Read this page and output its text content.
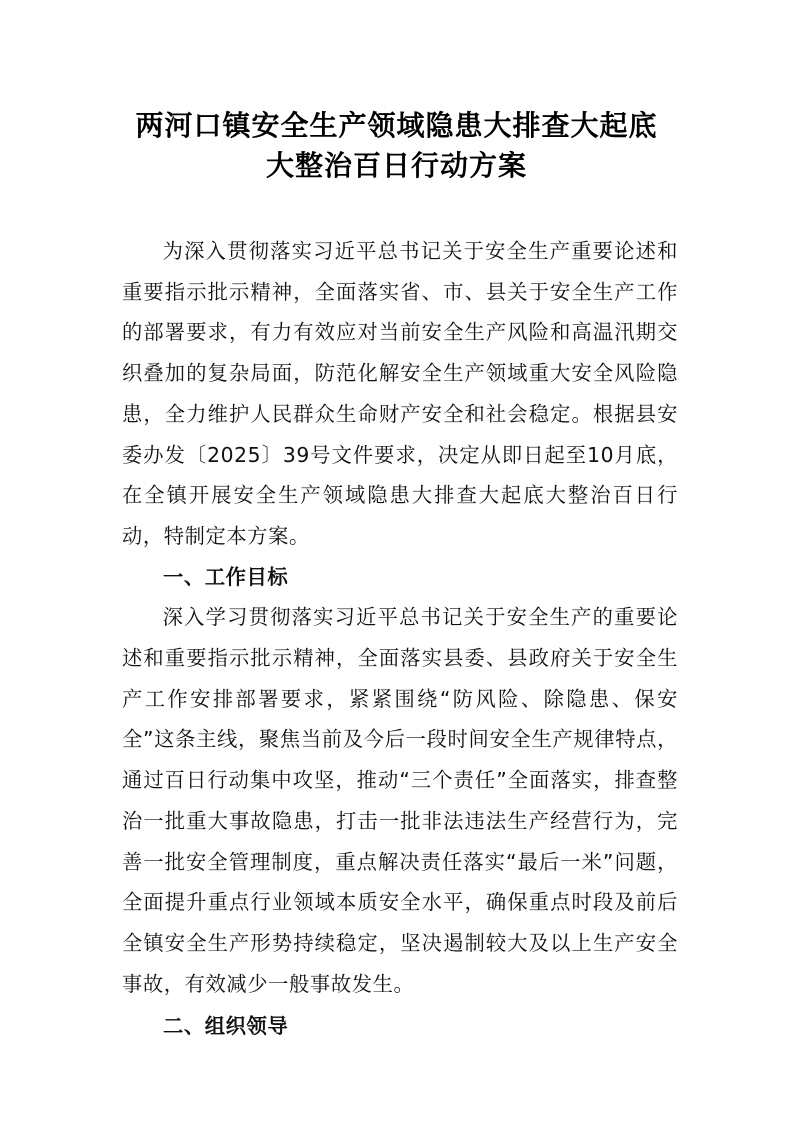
两河口镇安全生产领域隐患大排查大起底
大整治百日行动方案

为深入贯彻落实习近平总书记关于安全生产重要论述和重要指示批示精神，全面落实省、市、县关于安全生产工作的部署要求，有力有效应对当前安全生产风险和高温汛期交织叠加的复杂局面，防范化解安全生产领域重大安全风险隐患，全力维护人民群众生命财产安全和社会稳定。根据县安委办发〔2025〕39号文件要求，决定从即日起至10月底，在全镇开展安全生产领域隐患大排查大起底大整治百日行动，特制定本方案。

一、工作目标

深入学习贯彻落实习近平总书记关于安全生产的重要论述和重要指示批示精神，全面落实县委、县政府关于安全生产工作安排部署要求，紧紧围绕“防风险、除隐患、保安全”这条主线，聚焦当前及今后一段时间安全生产规律特点，通过百日行动集中攻坚，推动“三个责任”全面落实，排查整治一批重大事故隐患，打击一批非法违法生产经营行为，完善一批安全管理制度，重点解决责任落实“最后一米”问题，全面提升重点行业领域本质安全水平，确保重点时段及前后全镇安全生产形势持续稳定，坚决遏制较大及以上生产安全事故，有效减少一般事故发生。

二、组织领导
